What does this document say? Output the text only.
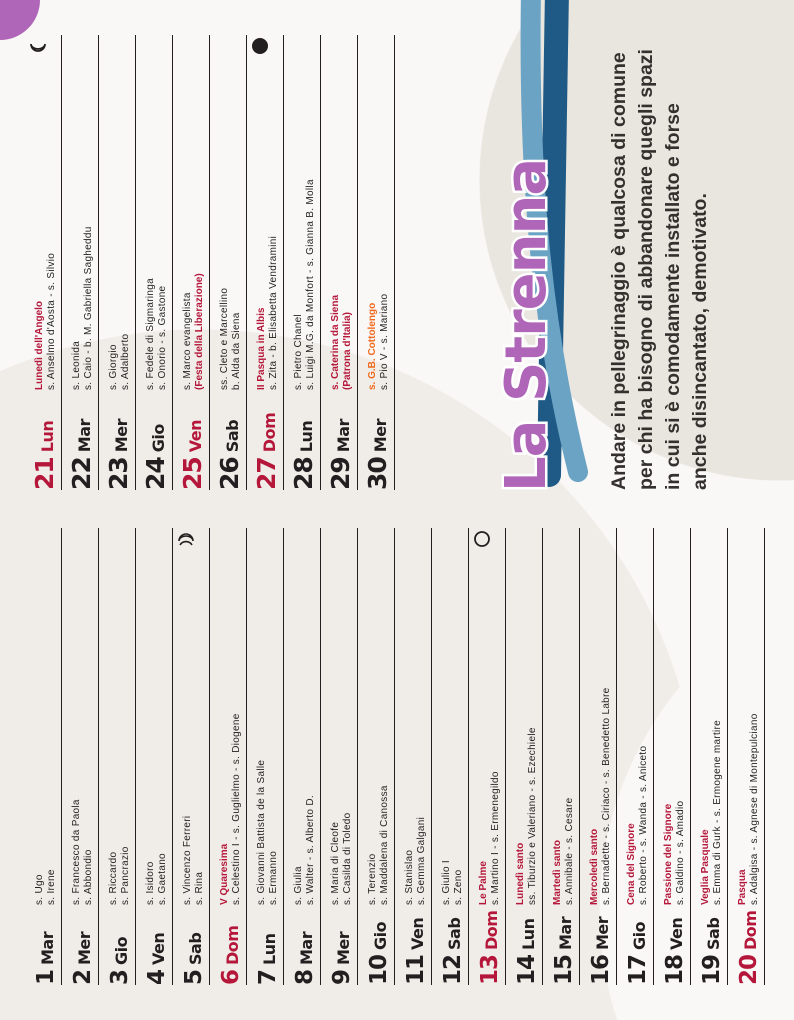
1
Mar
s. Ugo s. Irene
2
Mer
s. Francesco da Paola s. Abbondio
3
Gio
s. Riccardo s. Pancrazio
4
Ven
s. Isidoro s. Gaetano
5
Sab
s. Vincenzo Ferreri s. Rina
6
Dom
V Quaresima s. Celestino I - s. Guglielmo - s. Diogene
7
Lun
s. Giovanni Battista de la Salle s. Ermanno
8
Mar
s. Giulia s. Walter - s. Alberto D.
9
Mer
s. Maria di Cleofe s. Casilda di Toledo
10
Gio
s. Terenzio s. Maddalena di Canossa
11
Ven
s. Stanislao s. Gemma Galgani
12
Sab
s. Giulio I s. Zeno
13
Dom
Le Palme s. Martino I - s. Ermenegildo
14
Lun
Lunedì santo ss. Tiburzio e Valeriano - s. Ezechiele
15
Mar
Martedì santo s. Annibale - s. Cesare
16
Mer
Mercoledì santo s. Bernadette - s. Ciriaco - s. Benedetto Labre
17
Gio
Cena del Signore s. Roberto - s. Wanda - s. Aniceto
18
Ven
Passione del Signore s. Galdino - s. Amadio
19
Sab
Veglia Pasquale s. Emma di Gurk - s. Ermogene martire
20
Dom
Pasqua s. Adalgisa - s. Agnese di Montepulciano
21
Lun
Lunedì dell'Angelo s. Anselmo d'Aosta - s. Silvio
22
Mar
s. Leonida s. Caio - b. M. Gabriella Sagheddu
23
Mer
s. Giorgio s. Adalberto
24
Gio
s. Fedele di Sigmaringa s. Onorio - s. Gastone
25
Ven
s. Marco evangelista (Festa della Liberazione)
26
Sab
ss. Cleto e Marcellino b. Alda da Siena
27
Dom
II Pasqua in Albis s. Zita - b. Elisabetta Vendramini
28
Lun
s. Pietro Chanel s. Luigi M.G. da Monfort - s. Gianna B. Molla
29
Mar
s. Caterina da Siena (Patrona d'Italia)
30
Mer
s. G.B. Cottolengo s. Pio V - s. Mariano La Strenna	Andare in pellegrinaggio è qualcosa di comune per chi ha bisogno di abbandonare quegli spazi in cui si è comodamente installato e forse anche disincantato, demotivato.
